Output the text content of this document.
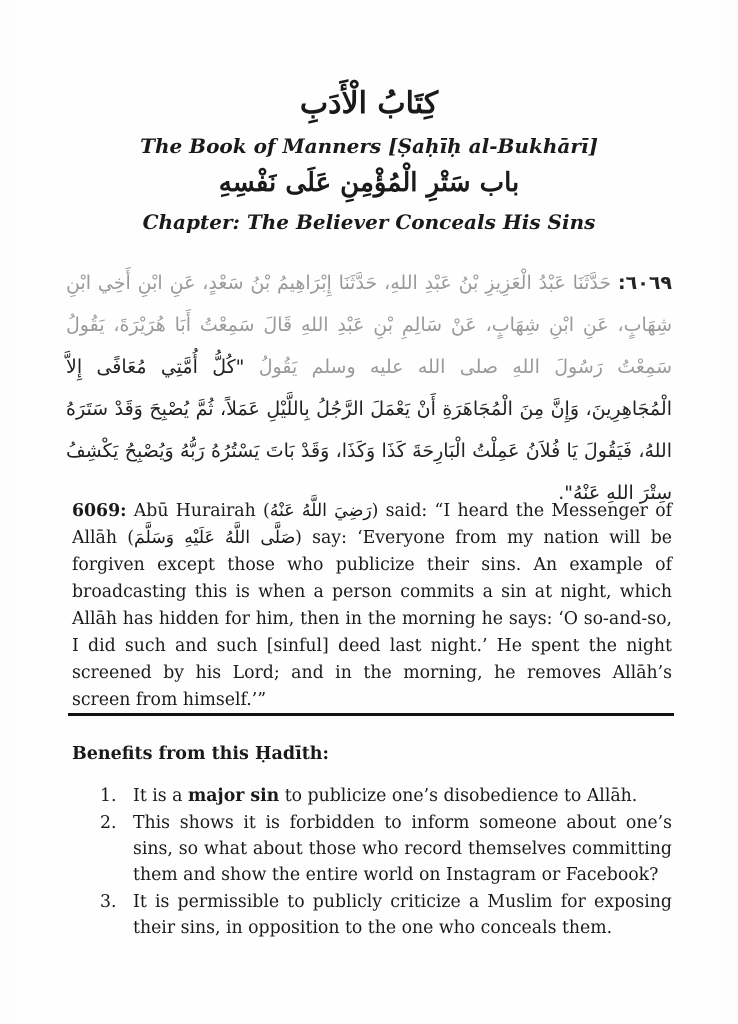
كِتَابُ الْأَدَبِ
The Book of Manners [Ṣaḥīḥ al-Bukhārī]
باب سَتْرِ الْمُؤْمِنِ عَلَى نَفْسِهِ
Chapter: The Believer Conceals His Sins
٦٠٦٩: حَدَّثَنَا عَبْدُ الْعَزِيزِ بْنُ عَبْدِ اللهِ، حَدَّثَنَا إِبْرَاهِيمُ بْنُ سَعْدٍ، عَنِ ابْنِ أَخِي ابْنِ شِهَابٍ، عَنِ ابْنِ شِهَابٍ، عَنْ سَالِمِ بْنِ عَبْدِ اللهِ قَالَ سَمِعْتُ أَبَا هُرَيْرَةَ، يَقُولُ سَمِعْتُ رَسُولَ اللهِ صلى الله عليه وسلم يَقُولُ "كُلُّ أُمَّتِي مُعَافًى إِلاَّ الْمُجَاهِرِينَ، وَإِنَّ مِنَ الْمُجَاهَرَةِ أَنْ يَعْمَلَ الرَّجُلُ بِاللَّيْلِ عَمَلاً، ثُمَّ يُصْبِحَ وَقَدْ سَتَرَهُ اللهُ، فَيَقُولَ يَا فُلاَنُ عَمِلْتُ الْبَارِحَةَ كَذَا وَكَذَا، وَقَدْ بَاتَ يَسْتُرُهُ رَبُّهُ وَيُصْبِحُ يَكْشِفُ سِتْرَ اللهِ عَنْهُ".
6069: Abū Hurairah (رَضِيَ اللَّهُ عَنْهُ) said: “I heard the Messenger of Allāh (صَلَّى اللَّهُ عَلَيْهِ وَسَلَّمَ) say: ‘Everyone from my nation will be forgiven except those who publicize their sins. An example of broadcasting this is when a person commits a sin at night, which Allāh has hidden for him, then in the morning he says: ‘O so-and-so, I did such and such [sinful] deed last night.’ He spent the night screened by his Lord; and in the morning, he removes Allāh’s screen from himself.’”
Benefits from this Ḥadīth:
1. It is a major sin to publicize one’s disobedience to Allāh.
2. This shows it is forbidden to inform someone about one’s sins, so what about those who record themselves committing them and show the entire world on Instagram or Facebook?
3. It is permissible to publicly criticize a Muslim for exposing their sins, in opposition to the one who conceals them.
